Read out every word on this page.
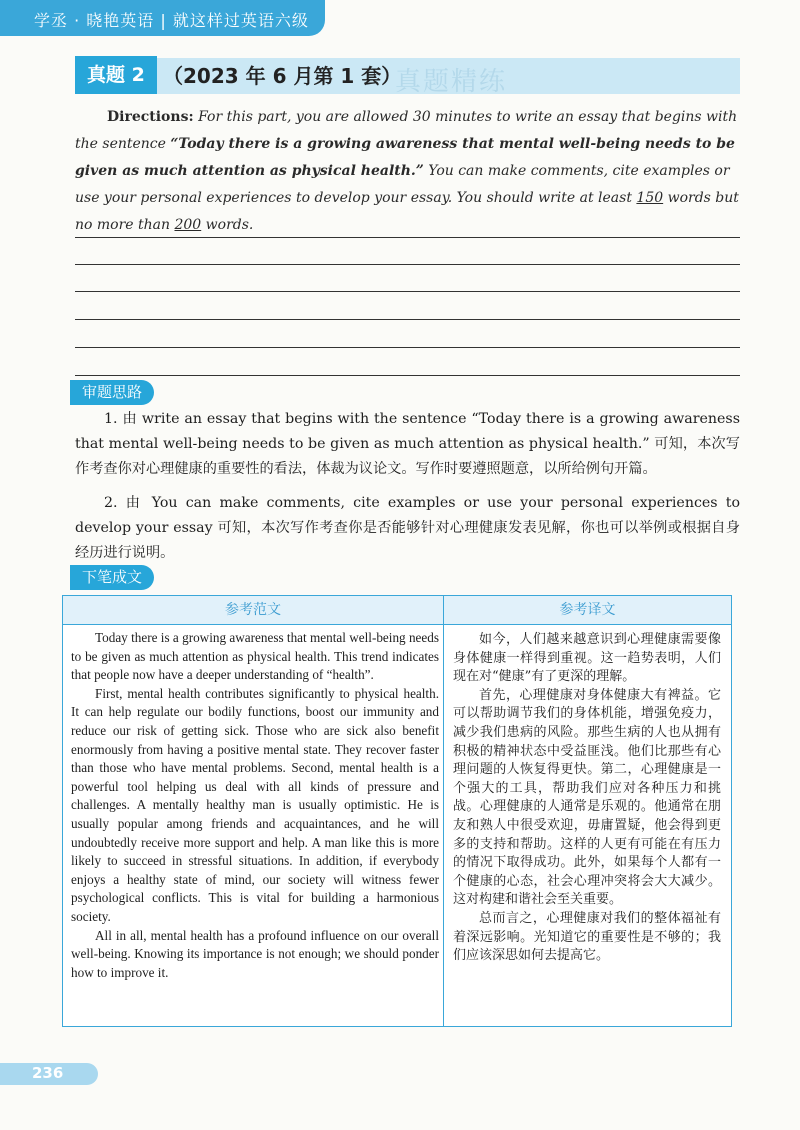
学丞 · 晓艳英语 | 就这样过英语六级
真题精练
真题 2 （2023 年 6 月第 1 套）
Directions: For this part, you are allowed 30 minutes to write an essay that begins with the sentence “Today there is a growing awareness that mental well-being needs to be given as much attention as physical health.” You can make comments, cite examples or use your personal experiences to develop your essay. You should write at least 150 words but no more than 200 words.
审题思路

1. 由 write an essay that begins with the sentence “Today there is a growing awareness that mental well-being needs to be given as much attention as physical health.” 可知，本次写作考查你对心理健康的重要性的看法，体裁为议论文。写作时要遵照题意，以所给例句开篇。

2. 由 You can make comments, cite examples or use your personal experiences to develop your essay 可知，本次写作考查你是否能够针对心理健康发表见解，你也可以举例或根据自身经历进行说明。

下笔成文
参考范文	参考译文

Today there is a growing awareness that mental well-being needs to be given as much attention as physical health. This trend indicates that people now have a deeper understanding of “health”.

First, mental health contributes significantly to physical health. It can help regulate our bodily functions, boost our immunity and reduce our risk of getting sick. Those who are sick also benefit enormously from having a positive mental state. They recover faster than those who have mental problems. Second, mental health is a powerful tool helping us deal with all kinds of pressure and challenges. A mentally healthy man is usually optimistic. He is usually popular among friends and acquaintances, and he will undoubtedly receive more support and help. A man like this is more likely to succeed in stressful situations. In addition, if everybody enjoys a healthy state of mind, our society will witness fewer psychological conflicts. This is vital for building a harmonious society.

All in all, mental health has a profound influence on our overall well-being. Knowing its importance is not enough; we should ponder how to improve it.

如今，人们越来越意识到心理健康需要像身体健康一样得到重视。这一趋势表明，人们现在对“健康”有了更深的理解。

首先，心理健康对身体健康大有裨益。它可以帮助调节我们的身体机能，增强免疫力，减少我们患病的风险。那些生病的人也从拥有积极的精神状态中受益匪浅。他们比那些有心理问题的人恢复得更快。第二，心理健康是一个强大的工具，帮助我们应对各种压力和挑战。心理健康的人通常是乐观的。他通常在朋友和熟人中很受欢迎，毋庸置疑，他会得到更多的支持和帮助。这样的人更有可能在有压力的情况下取得成功。此外，如果每个人都有一个健康的心态，社会心理冲突将会大大减少。这对构建和谐社会至关重要。

总而言之，心理健康对我们的整体福祉有着深远影响。光知道它的重要性是不够的；我们应该深思如何去提高它。

236
